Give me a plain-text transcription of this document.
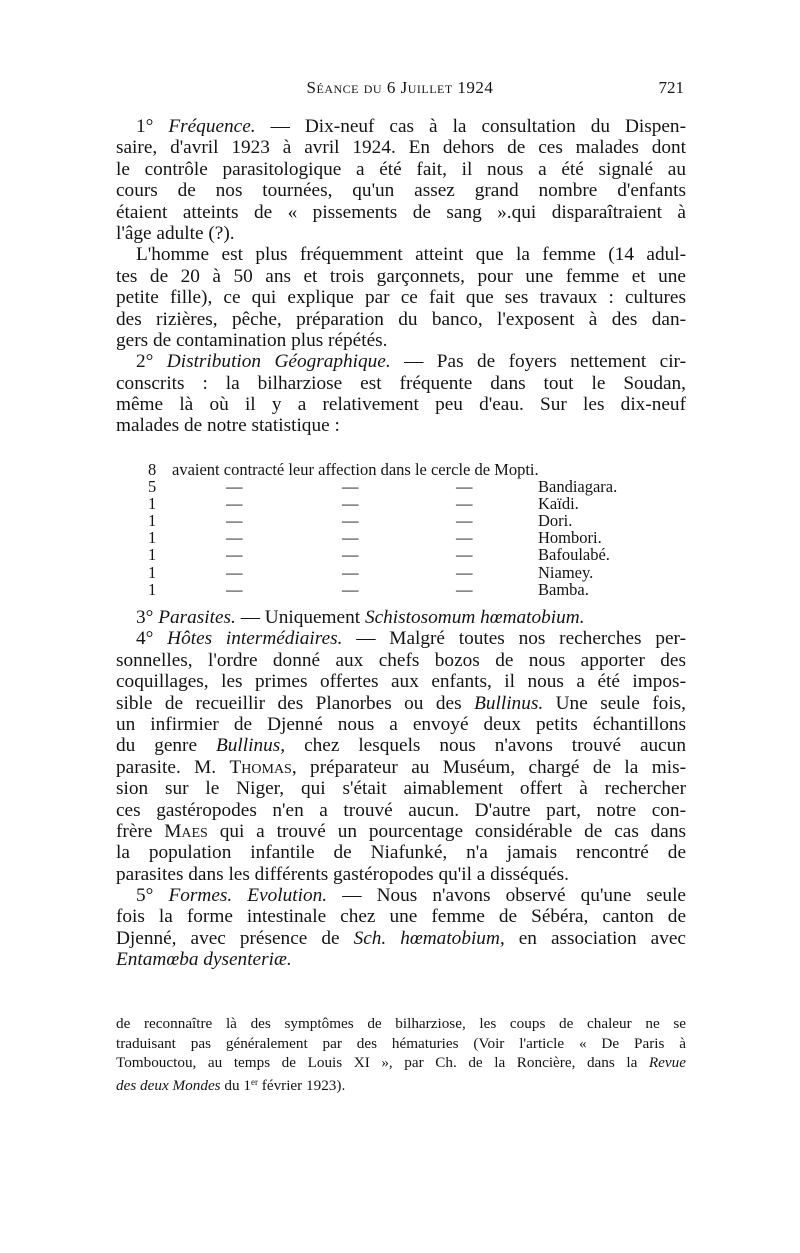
Séance du 6 Juillet 1924	721
1° Fréquence. — Dix-neuf cas à la consultation du Dispen-
saire, d'avril 1923 à avril 1924. En dehors de ces malades dont
le contrôle parasitologique a été fait, il nous a été signalé au
cours de nos tournées, qu'un assez grand nombre d'enfants
étaient atteints de « pissements de sang ».qui disparaîtraient à
l'âge adulte (?).
L'homme est plus fréquemment atteint que la femme (14 adul-
tes de 20 à 50 ans et trois garçonnets, pour une femme et une
petite fille), ce qui explique par ce fait que ses travaux : cultures
des rizières, pêche, préparation du banco, l'exposent à des dan-
gers de contamination plus répétés.
2° Distribution Géographique. — Pas de foyers nettement cir-
conscrits : la bilharziose est fréquente dans tout le Soudan,
même là où il y a relativement peu d'eau. Sur les dix-neuf
malades de notre statistique :
8 avaient contracté leur affection dans le cercle de Mopti.
5	—	—	—	Bandiagara.
1	—	—	—	Kaïdi.
1	—	—	—	Dori.
1	—	—	—	Hombori.
1	—	—	—	Bafoulabé.
1	—	—	—	Niamey.
1	—	—	—	Bamba.
3° Parasites. — Uniquement Schistosomum hœmatobium.
4° Hôtes intermédiaires. — Malgré toutes nos recherches per-
sonnelles, l'ordre donné aux chefs bozos de nous apporter des
coquillages, les primes offertes aux enfants, il nous a été impos-
sible de recueillir des Planorbes ou des Bullinus. Une seule fois,
un infirmier de Djenné nous a envoyé deux petits échantillons
du genre Bullinus, chez lesquels nous n'avons trouvé aucun
parasite. M. Thomas, préparateur au Muséum, chargé de la mis-
sion sur le Niger, qui s'était aimablement offert à rechercher
ces gastéropodes n'en a trouvé aucun. D'autre part, notre con-
frère Maes qui a trouvé un pourcentage considérable de cas dans
la population infantile de Niafunké, n'a jamais rencontré de
parasites dans les différents gastéropodes qu'il a disséqués.
5° Formes. Evolution. — Nous n'avons observé qu'une seule
fois la forme intestinale chez une femme de Sébéra, canton de
Djenné, avec présence de Sch. hœmatobium, en association avec
Entamœba dysenteriæ.
de reconnaître là des symptômes de bilharziose, les coups de chaleur ne se
traduisant pas généralement par des hématuries (Voir l'article « De Paris à
Tombouctou, au temps de Louis XI », par Ch. de la Roncière, dans la Revue
des deux Mondes du 1er février 1923).
